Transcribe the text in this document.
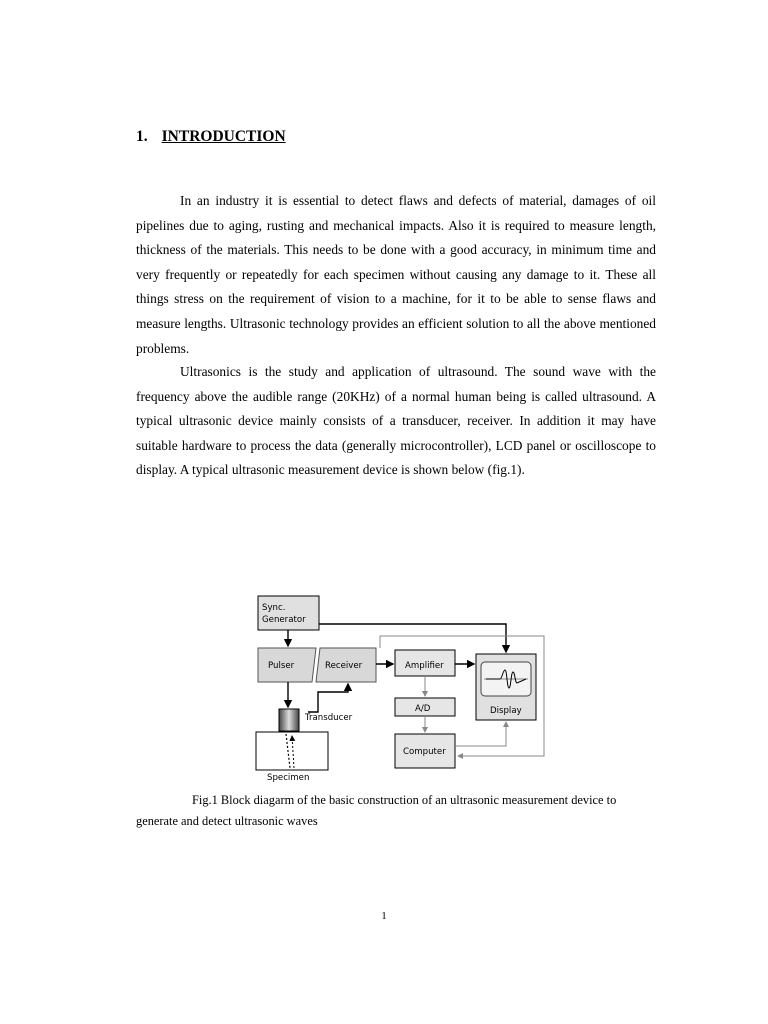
1. INTRODUCTION

In an industry it is essential to detect flaws and defects of material, damages of oil pipelines due to aging, rusting and mechanical impacts. Also it is required to measure length, thickness of the materials. This needs to be done with a good accuracy, in minimum time and very frequently or repeatedly for each specimen without causing any damage to it. These all things stress on the requirement of vision to a machine, for it to be able to sense flaws and measure lengths. Ultrasonic technology provides an efficient solution to all the above mentioned problems.

Ultrasonics is the study and application of ultrasound. The sound wave with the frequency above the audible range (20KHz) of a normal human being is called ultrasound. A typical ultrasonic device mainly consists of a transducer, receiver. In addition it may have suitable hardware to process the data (generally microcontroller), LCD panel or oscilloscope to display. A typical ultrasonic measurement device is shown below (fig.1).

Sync.
Generator
Pulser	Receiver	Amplifier
A/D
Computer
Display
Transducer
Specimen

Fig.1 Block diagarm of the basic construction of an ultrasonic measurement device to generate and detect ultrasonic waves

1
